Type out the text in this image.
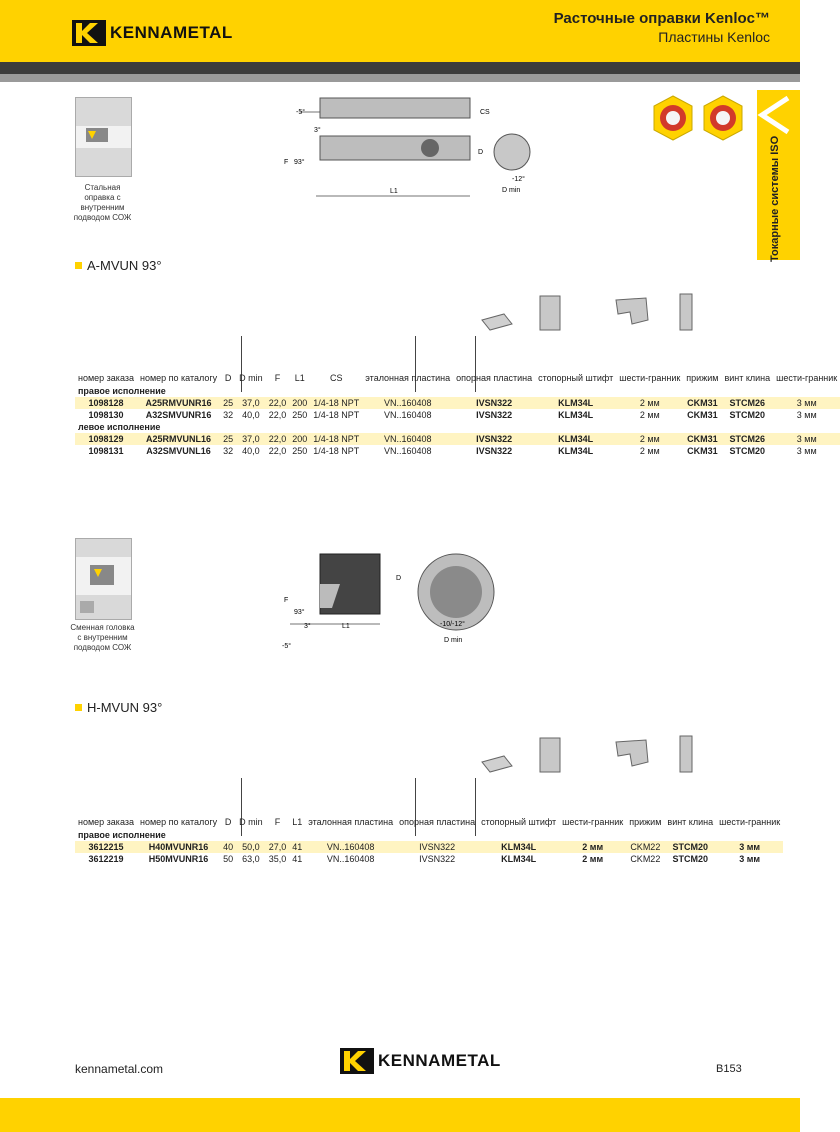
KENNAMETAL
Расточные оправки Kenloc™
Пластины Kenloc
Токарные системы ISO
Стальная оправка с внутренним подводом СОЖ
-5°	CS
3°
F 93°
D
L1
-12°
D min
A-MVUN 93°
номер заказа	номер по каталогу	D	D min	F	L1	CS	эталонная пластина	опорная пластина	стопорный штифт	шести-гранник	прижим	винт клина	шести-гранник
правое исполнение													
1098128	A25RMVUNR16	25	37,0	22,0	200	1/4-18 NPT	VN..160408	IVSN322	KLM34L	2 мм	CKM31	STCM26	3 мм
1098130	A32SMVUNR16	32	40,0	22,0	250	1/4-18 NPT	VN..160408	IVSN322	KLM34L	2 мм	CKM31	STCM20	3 мм
левое исполнение													
1098129	A25RMVUNL16	25	37,0	22,0	200	1/4-18 NPT	VN..160408	IVSN322	KLM34L	2 мм	CKM31	STCM26	3 мм
1098131	A32SMVUNL16	32	40,0	22,0	250	1/4-18 NPT	VN..160408	IVSN322	KLM34L	2 мм	CKM31	STCM20	3 мм
Сменная головка с внутренним подводом СОЖ
D
F
93°
3°	L1
-5°
-10/-12°
D min
H-MVUN 93°
номер заказа	номер по каталогу	D	D min	F	L1	эталонная пластина	опорная пластина	стопорный штифт	шести-гранник	прижим	винт клина	шести-гранник
правое исполнение												
3612215	H40MVUNR16	40	50,0	27,0	41	VN..160408	IVSN322	KLM34L	2 мм	CKM22	STCM20	3 мм
3612219	H50MVUNR16	50	63,0	35,0	41	VN..160408	IVSN322	KLM34L	2 мм	CKM22	STCM20	3 мм
kennametal.com	KENNAMETAL	B153
